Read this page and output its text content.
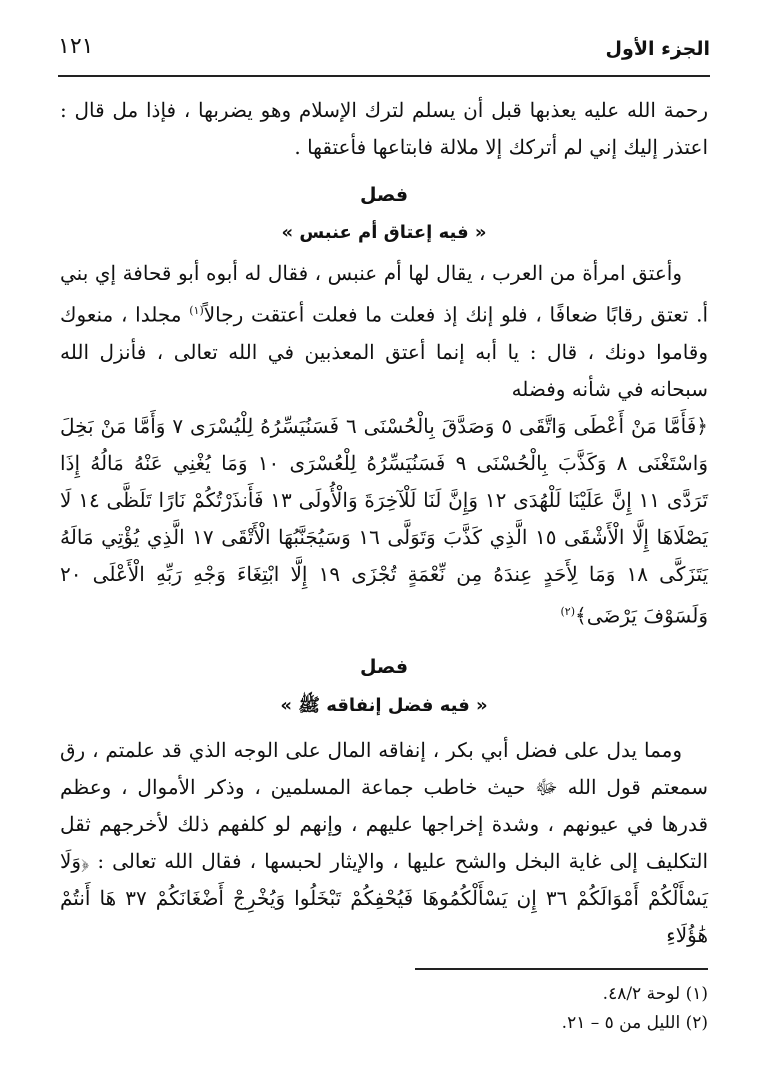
الجزء الأول
١٢١

رحمة الله عليه يعذبها قبل أن يسلم لترك الإسلام وهو يضربها ، فإذا مل قال : اعتذر إليك إني لم أتركك إلا ملالة فابتاعها فأعتقها .

فصل

« فيه إعتاق أم عنبس »

وأعتق امرأة من العرب ، يقال لها أم عنبس ، فقال له أبوه أبو قحافة إي بني أ. تعتق رقابًا ضعافًا ، فلو إنك إذ فعلت ما فعلت أعتقت رجالاً$^{(١)}$ مجلدا ، منعوك وقاموا دونك ، قال : يا أبه إنما أعتق المعذبين في الله تعالى ، فأنزل الله سبحانه في شأنه وفضله

﴿فَأَمَّا مَنْ أَعْطَى وَاتَّقَى ٥ وَصَدَّقَ بِالْحُسْنَى ٦ فَسَنُيَسِّرُهُ لِلْيُسْرَى ٧ وَأَمَّا مَنْ بَخِلَ وَاسْتَغْنَى ٨ وَكَذَّبَ بِالْحُسْنَى ٩ فَسَنُيَسِّرُهُ لِلْعُسْرَى ١٠ وَمَا يُغْنِي عَنْهُ مَالُهُ إِذَا تَرَدَّى ١١ إِنَّ عَلَيْنَا لَلْهُدَى ١٢ وَإِنَّ لَنَا لَلْآخِرَةَ وَالْأُولَى ١٣ فَأَنذَرْتُكُمْ نَارًا تَلَظَّى ١٤ لَا يَصْلَاهَا إِلَّا الْأَشْقَى ١٥ الَّذِي كَذَّبَ وَتَوَلَّى ١٦ وَسَيُجَنَّبُهَا الْأَتْقَى ١٧ الَّذِي يُؤْتِي مَالَهُ يَتَزَكَّى ١٨ وَمَا لِأَحَدٍ عِندَهُ مِن نِّعْمَةٍ تُجْزَى ١٩ إِلَّا ابْتِغَاءَ وَجْهِ رَبِّهِ الْأَعْلَى ٢٠ وَلَسَوْفَ يَرْضَى﴾$^{(٢)}$

فصل

« فيه فضل إنفاقه ﷺ »

ومما يدل على فضل أبي بكر ، إنفاقه المال على الوجه الذي قد علمتم ، رق سمعتم قول الله ﷻ حيث خاطب جماعة المسلمين ، وذكر الأموال ، وعظم قدرها في عيونهم ، وشدة إخراجها عليهم ، وإنهم لو كلفهم ذلك لأخرجهم ثقل التكليف إلى غاية البخل والشح عليها ، والإيثار لحبسها ، فقال الله تعالى : ﴿وَلَا يَسْأَلْكُمْ أَمْوَالَكُمْ ٣٦ إِن يَسْأَلْكُمُوهَا فَيُحْفِكُمْ تَبْخَلُوا وَيُخْرِجْ أَضْغَانَكُمْ ٣٧ هَا أَنتُمْ هَٰؤُلَاءِ

(١) لوحة ٤٨/٢.
(٢) الليل من ٥ – ٢١.
